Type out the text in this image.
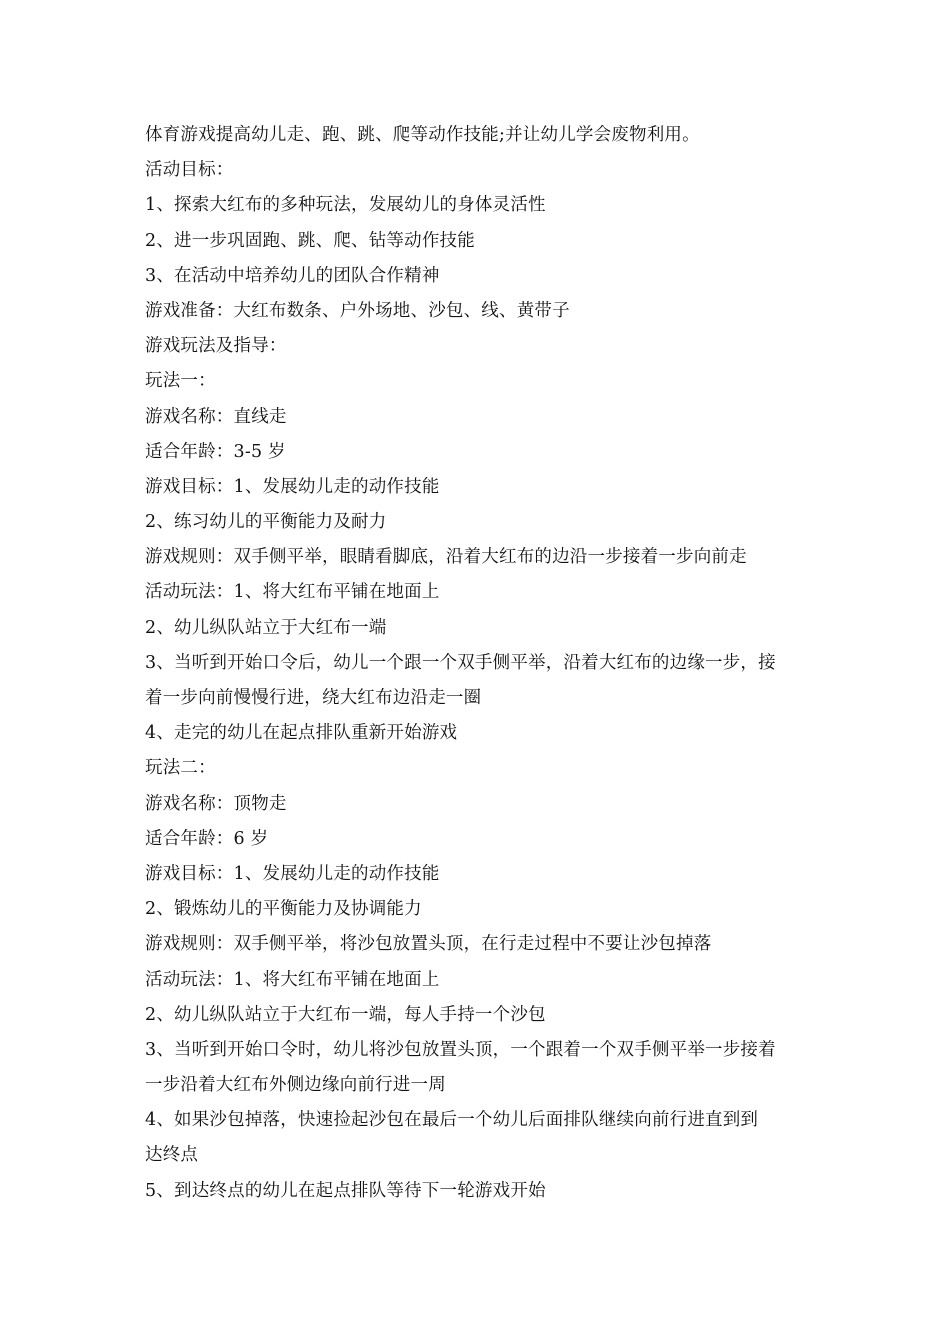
体育游戏提高幼儿走、跑、跳、爬等动作技能;并让幼儿学会废物利用。
活动目标：
1、探索大红布的多种玩法，发展幼儿的身体灵活性
2、进一步巩固跑、跳、爬、钻等动作技能
3、在活动中培养幼儿的团队合作精神
游戏准备：大红布数条、户外场地、沙包、线、黄带子
游戏玩法及指导：
玩法一：
游戏名称：直线走
适合年龄：3-5 岁
游戏目标：1、发展幼儿走的动作技能
2、练习幼儿的平衡能力及耐力
游戏规则：双手侧平举，眼睛看脚底，沿着大红布的边沿一步接着一步向前走
活动玩法：1、将大红布平铺在地面上
2、幼儿纵队站立于大红布一端
3、当听到开始口令后，幼儿一个跟一个双手侧平举，沿着大红布的边缘一步，接
着一步向前慢慢行进，绕大红布边沿走一圈
4、走完的幼儿在起点排队重新开始游戏
玩法二：
游戏名称：顶物走
适合年龄：6 岁
游戏目标：1、发展幼儿走的动作技能
2、锻炼幼儿的平衡能力及协调能力
游戏规则：双手侧平举，将沙包放置头顶，在行走过程中不要让沙包掉落
活动玩法：1、将大红布平铺在地面上
2、幼儿纵队站立于大红布一端，每人手持一个沙包
3、当听到开始口令时，幼儿将沙包放置头顶，一个跟着一个双手侧平举一步接着
一步沿着大红布外侧边缘向前行进一周
4、如果沙包掉落，快速捡起沙包在最后一个幼儿后面排队继续向前行进直到到
达终点
5、到达终点的幼儿在起点排队等待下一轮游戏开始
